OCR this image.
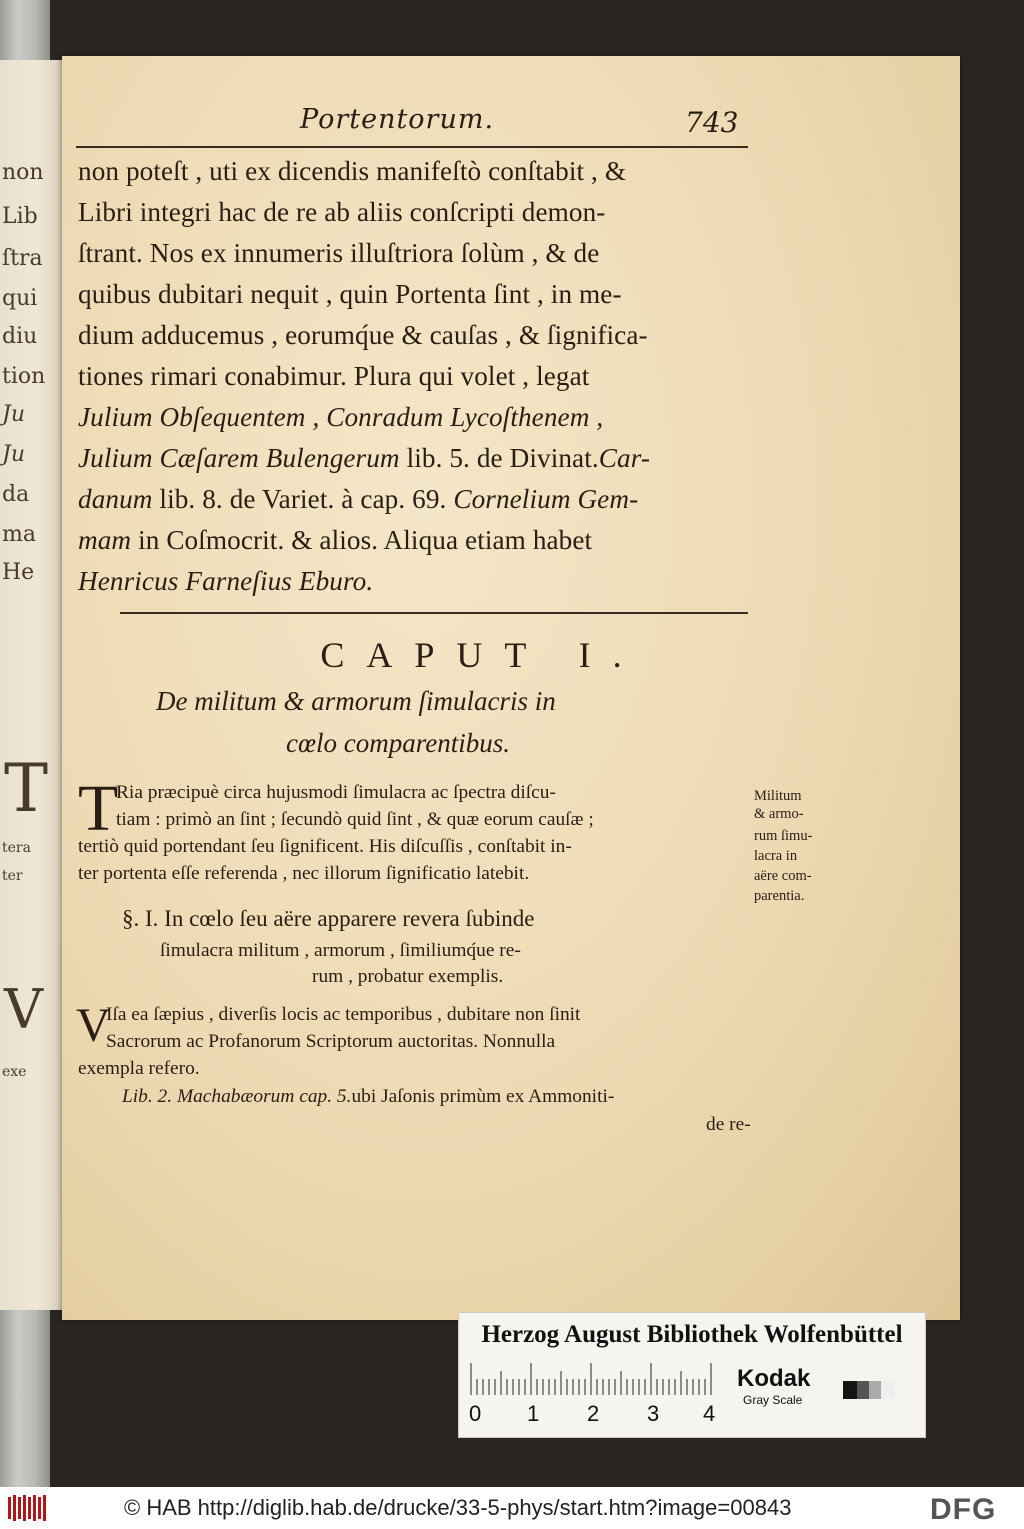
non
Lib
ſtra
qui
diu
tion
Ju
Ju
da
ma
He
T
tera
ter
V
exe
Portentorum.	743
non poteſt , uti ex dicendis manifeſtò conſtabit , &
Libri integri hac de re ab aliis conſcripti demon-
ſtrant. Nos ex innumeris illuſtriora ſolùm , & de
quibus dubitari nequit , quin Portenta ſint , in me-
dium adducemus , eorumq́ue & cauſas , & ſignifica-
tiones rimari conabimur. Plura qui volet , legat
Julium Obſequentem , Conradum Lycoſthenem ,
Julium Cæſarem Bulengerum lib. 5. de Divinat.Car-
danum lib. 8. de Variet. à cap. 69. Cornelium Gem-
mam in Coſmocrit. & alios. Aliqua etiam habet
Henricus Farneſius Eburo.
CAPUT I.
De militum & armorum ſimulacris in
cœlo comparentibus.
T
Ria præcipuè circa hujusmodi ſimulacra ac ſpectra diſcu-
tiam : primò an ſint ; ſecundò quid ſint , & quæ eorum cauſæ ;
tertiò quid portendant ſeu ſignificent. His diſcuſſis , conſtabit in-
ter portenta eſſe referenda , nec illorum ſignificatio latebit.
Militum
& armo-
rum ſimu-
lacra in
aëre com-
parentia.
§. I. In cœlo ſeu aëre apparere revera ſubinde
ſimulacra militum , armorum , ſimiliumq́ue re-
rum , probatur exemplis.
V
Iſa ea ſæpius , diverſis locis ac temporibus , dubitare non ſinit
Sacrorum ac Profanorum Scriptorum auctoritas. Nonnulla
exempla refero.
Lib. 2. Machabæorum cap. 5.ubi Jaſonis primùm ex Ammoniti-
de re-
Herzog August Bibliothek Wolfenbüttel
0 1 2 3 4
Kodak
Gray Scale
© HAB http://diglib.hab.de/drucke/33-5-phys/start.htm?image=00843	DFG
